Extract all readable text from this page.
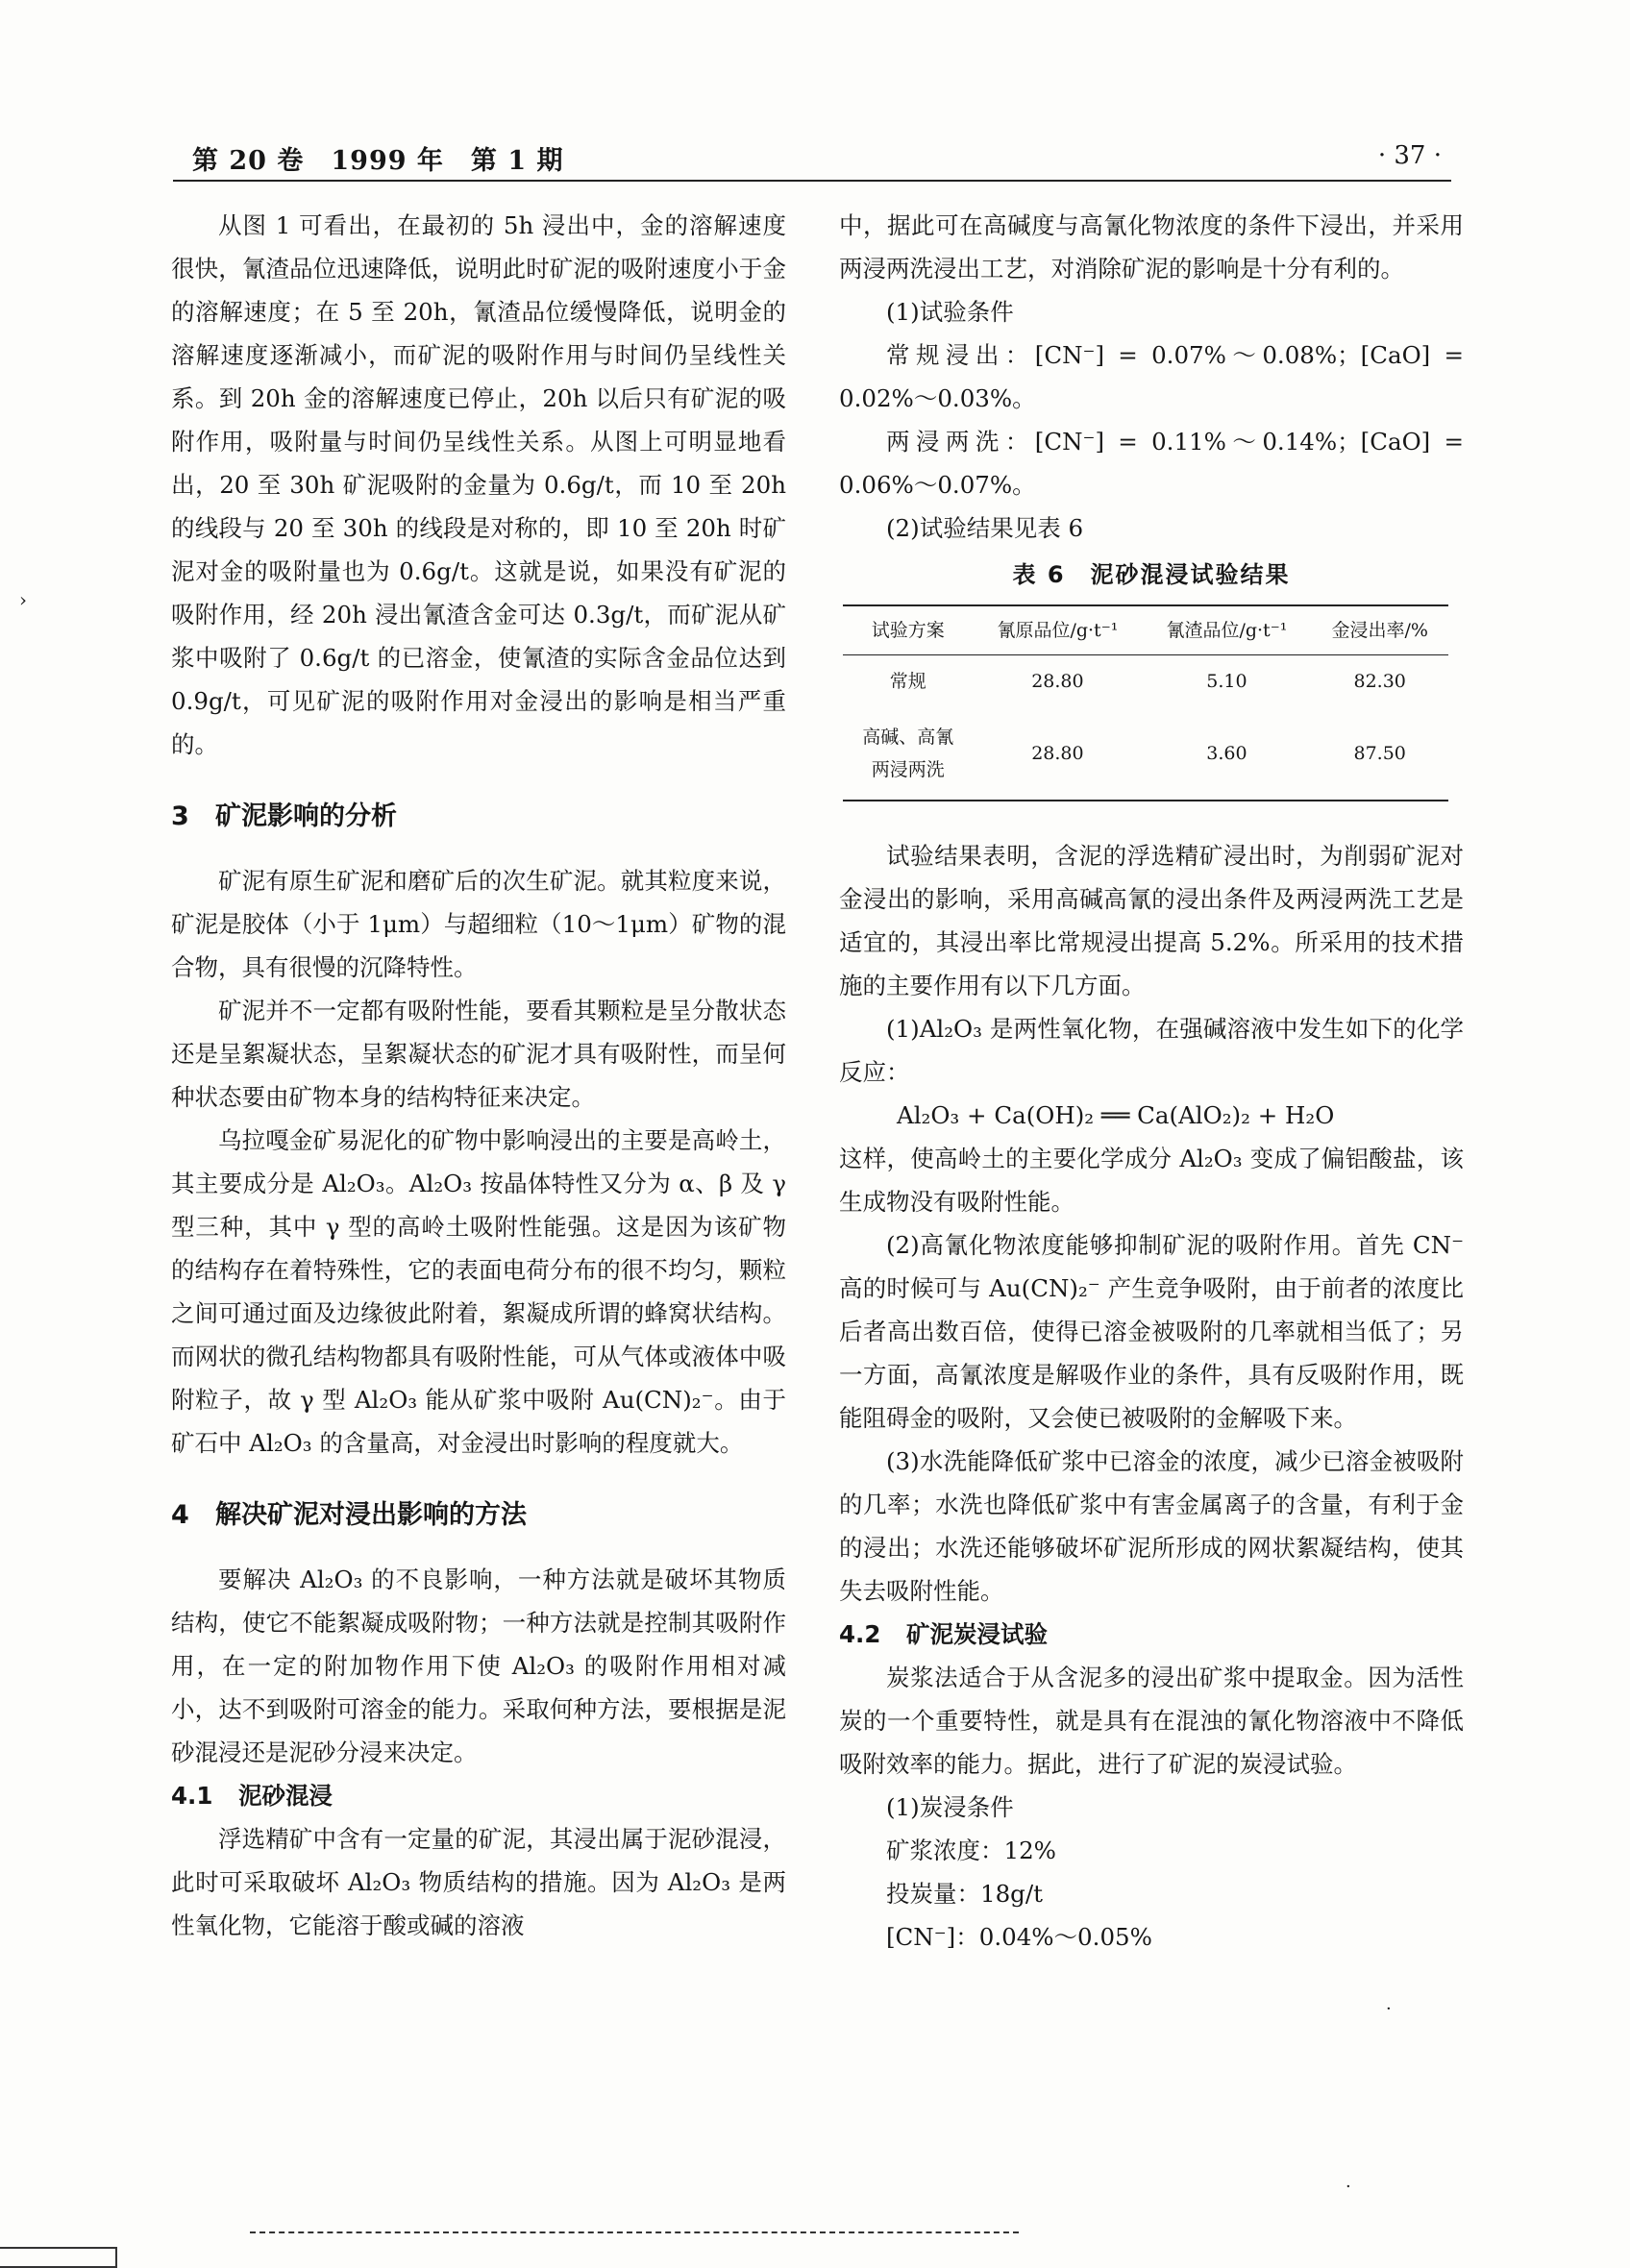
第 20 卷　1999 年　第 1 期	· 37 ·
›

从图 1 可看出，在最初的 5h 浸出中，金的溶解速度很快，氰渣品位迅速降低，说明此时矿泥的吸附速度小于金的溶解速度；在 5 至 20h，氰渣品位缓慢降低，说明金的溶解速度逐渐减小，而矿泥的吸附作用与时间仍呈线性关系。到 20h 金的溶解速度已停止，20h 以后只有矿泥的吸附作用，吸附量与时间仍呈线性关系。从图上可明显地看出，20 至 30h 矿泥吸附的金量为 0.6g/t，而 10 至 20h 的线段与 20 至 30h 的线段是对称的，即 10 至 20h 时矿泥对金的吸附量也为 0.6g/t。这就是说，如果没有矿泥的吸附作用，经 20h 浸出氰渣含金可达 0.3g/t，而矿泥从矿浆中吸附了 0.6g/t 的已溶金，使氰渣的实际含金品位达到 0.9g/t，可见矿泥的吸附作用对金浸出的影响是相当严重的。

3 矿泥影响的分析

矿泥有原生矿泥和磨矿后的次生矿泥。就其粒度来说，矿泥是胶体（小于 1μm）与超细粒（10～1μm）矿物的混合物，具有很慢的沉降特性。

矿泥并不一定都有吸附性能，要看其颗粒是呈分散状态还是呈絮凝状态，呈絮凝状态的矿泥才具有吸附性，而呈何种状态要由矿物本身的结构特征来决定。

乌拉嘎金矿易泥化的矿物中影响浸出的主要是高岭土，其主要成分是 Al₂O₃。Al₂O₃ 按晶体特性又分为 α、β 及 γ 型三种，其中 γ 型的高岭土吸附性能强。这是因为该矿物的结构存在着特殊性，它的表面电荷分布的很不均匀，颗粒之间可通过面及边缘彼此附着，絮凝成所谓的蜂窝状结构。而网状的微孔结构物都具有吸附性能，可从气体或液体中吸附粒子，故 γ 型 Al₂O₃ 能从矿浆中吸附 Au(CN)₂⁻。由于矿石中 Al₂O₃ 的含量高，对金浸出时影响的程度就大。

4 解决矿泥对浸出影响的方法

要解决 Al₂O₃ 的不良影响，一种方法就是破坏其物质结构，使它不能絮凝成吸附物；一种方法就是控制其吸附作用，在一定的附加物作用下使 Al₂O₃ 的吸附作用相对减小，达不到吸附可溶金的能力。采取何种方法，要根据是泥砂混浸还是泥砂分浸来决定。

4.1 泥砂混浸

浮选精矿中含有一定量的矿泥，其浸出属于泥砂混浸，此时可采取破坏 Al₂O₃ 物质结构的措施。因为 Al₂O₃ 是两性氧化物，它能溶于酸或碱的溶液

中，据此可在高碱度与高氰化物浓度的条件下浸出，并采用两浸两洗浸出工艺，对消除矿泥的影响是十分有利的。

(1)试验条件

常规浸出：[CN⁻] = 0.07%～0.08%；[CaO] = 0.02%～0.03%。

两浸两洗：[CN⁻] = 0.11%～0.14%；[CaO] = 0.06%～0.07%。

(2)试验结果见表 6

表 6　泥砂混浸试验结果
试验方案	氰原品位/g·t⁻¹	氰渣品位/g·t⁻¹	金浸出率/%
常规	28.80	5.10	82.30
高碱、高氰
两浸两洗	28.80	3.60	87.50

试验结果表明，含泥的浮选精矿浸出时，为削弱矿泥对金浸出的影响，采用高碱高氰的浸出条件及两浸两洗工艺是适宜的，其浸出率比常规浸出提高 5.2%。所采用的技术措施的主要作用有以下几方面。

(1)Al₂O₃ 是两性氧化物，在强碱溶液中发生如下的化学反应：

Al₂O₃ + Ca(OH)₂ ══ Ca(AlO₂)₂ + H₂O

这样，使高岭土的主要化学成分 Al₂O₃ 变成了偏铝酸盐，该生成物没有吸附性能。

(2)高氰化物浓度能够抑制矿泥的吸附作用。首先 CN⁻ 高的时候可与 Au(CN)₂⁻ 产生竞争吸附，由于前者的浓度比后者高出数百倍，使得已溶金被吸附的几率就相当低了；另一方面，高氰浓度是解吸作业的条件，具有反吸附作用，既能阻碍金的吸附，又会使已被吸附的金解吸下来。

(3)水洗能降低矿浆中已溶金的浓度，减少已溶金被吸附的几率；水洗也降低矿浆中有害金属离子的含量，有利于金的浸出；水洗还能够破坏矿泥所形成的网状絮凝结构，使其失去吸附性能。

4.2 矿泥炭浸试验

炭浆法适合于从含泥多的浸出矿浆中提取金。因为活性炭的一个重要特性，就是具有在混浊的氰化物溶液中不降低吸附效率的能力。据此，进行了矿泥的炭浸试验。

(1)炭浸条件

矿浆浓度：12%

投炭量：18g/t

[CN⁻]：0.04%～0.05%

·
·
